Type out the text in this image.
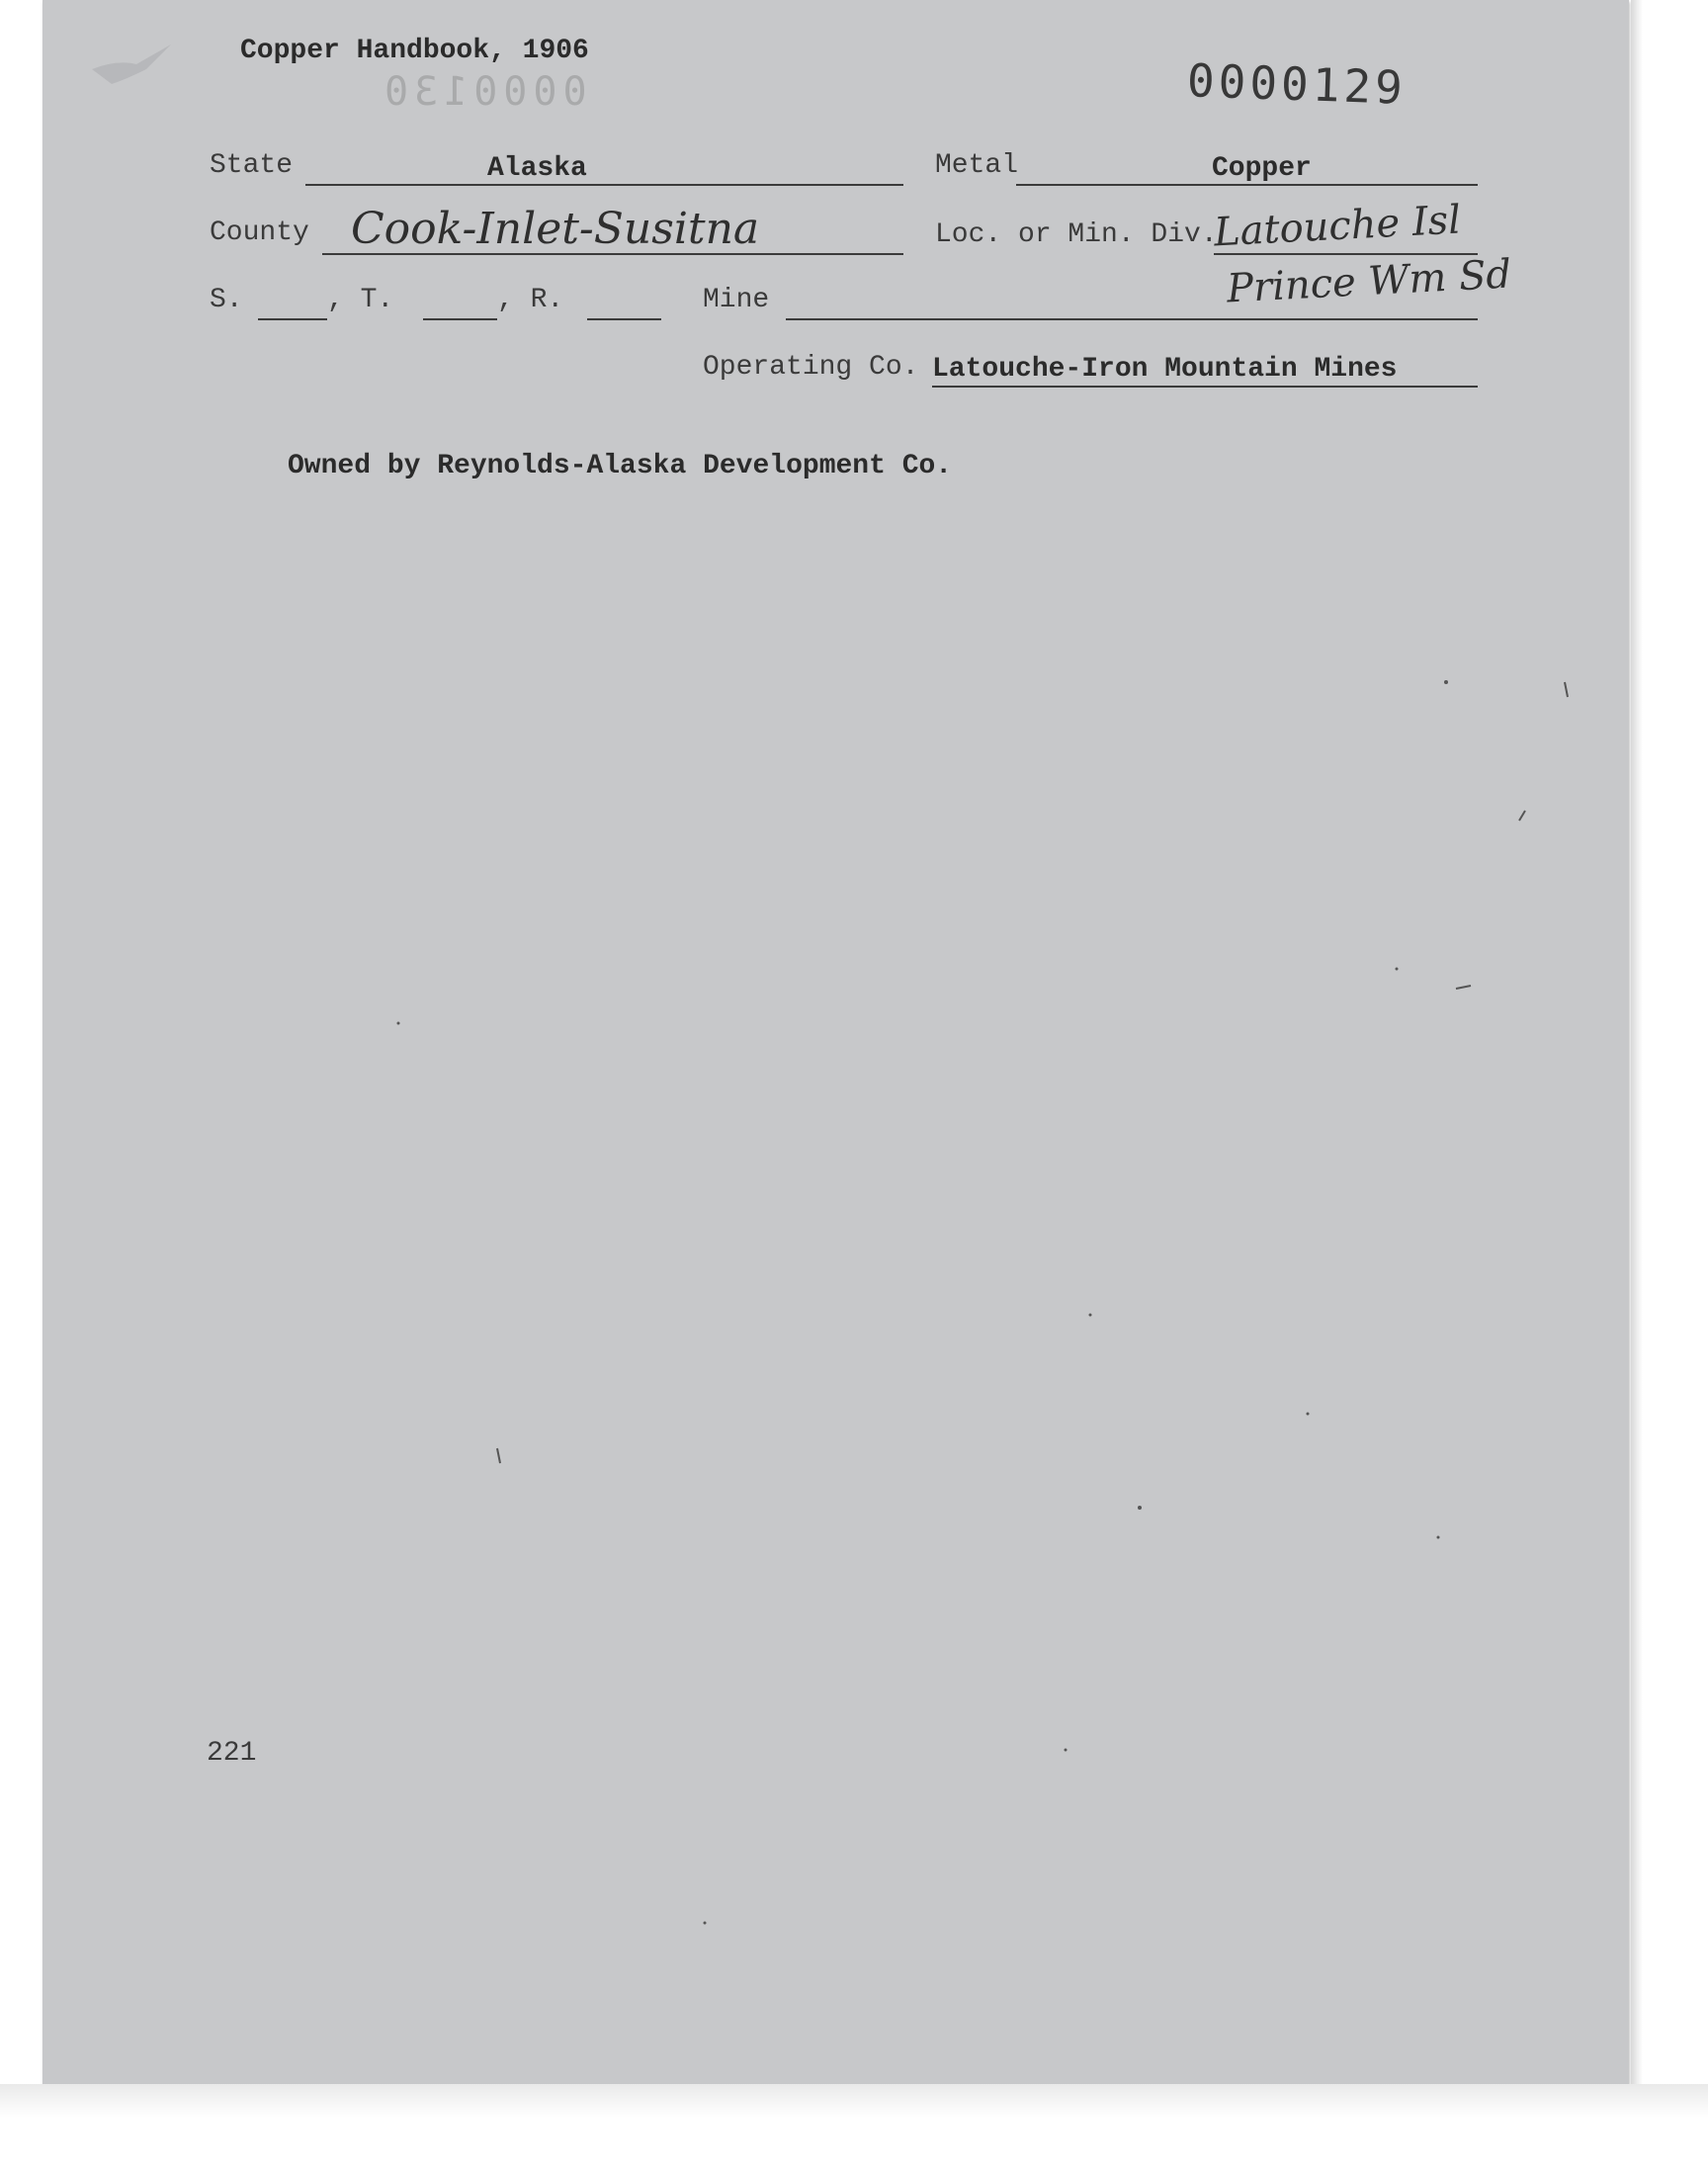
Copper Handbook, 1906
0000130	0000129
State	Alaska	Metal	Copper
County Cook-Inlet-Susitna	Loc. or Min. Div.
Latouche Isl
Prince Wm Sd
S.	, T.	, R.	Mine
Operating Co. Latouche-Iron Mountain Mines
Owned by Reynolds-Alaska Development Co.
221
